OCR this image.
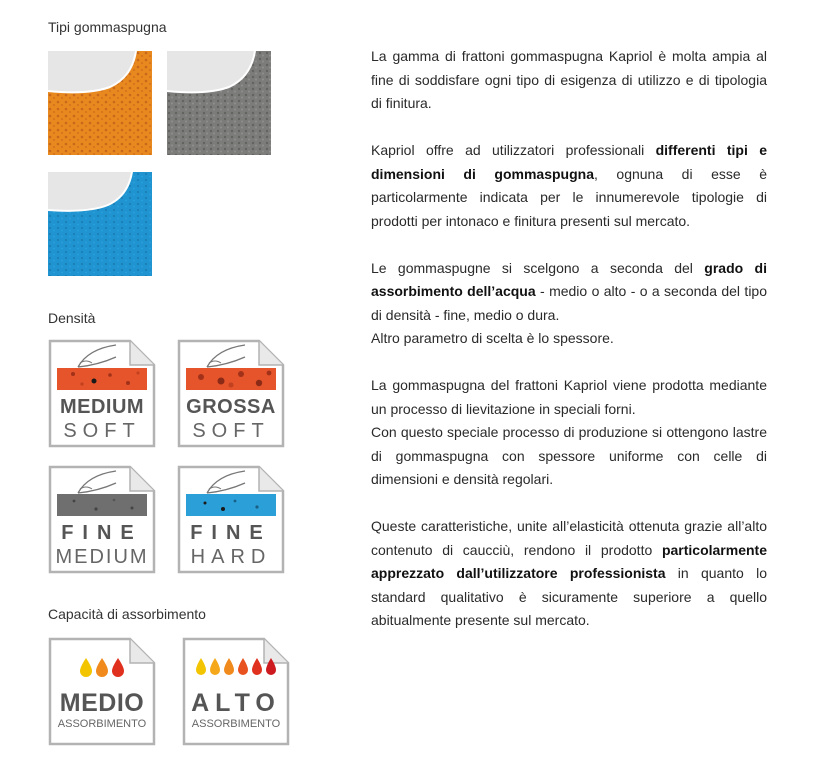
Tipi gommaspugna
Densità
Capacità di assorbimento
MEDIUM
SOFT
GROSSA
SOFT
FINE
MEDIUM
FINE
HARD
MEDIO
ASSORBIMENTO
ALTO
ASSORBIMENTO

La gamma di frattoni gommaspugna Kapriol è molta ampia al fine di soddisfare ogni tipo di esigenza di utilizzo e di tipologia di finitura.

Kapriol offre ad utilizzatori professionali differenti tipi e dimensioni di gommaspugna, ognuna di esse è particolarmente indicata per le innumerevole tipologie di prodotti per intonaco e finitura presenti sul mercato.

Le gommaspugne si scelgono a seconda del grado di assorbimento dell’acqua - medio o alto - o a seconda del tipo di densità - fine, medio o dura.
Altro parametro di scelta è lo spessore.

La gommaspugna del frattoni Kapriol viene prodotta mediante un processo di lievitazione in speciali forni.
Con questo speciale processo di produzione si ottengono lastre di gommaspugna con spessore uniforme con celle di dimensioni e densità regolari.

Queste caratteristiche, unite all’elasticità ottenuta grazie all’alto contenuto di caucciù, rendono il prodotto particolarmente apprezzato dall’utilizzatore professionista in quanto lo standard qualitativo è sicuramente superiore a quello abitualmente presente sul mercato.
